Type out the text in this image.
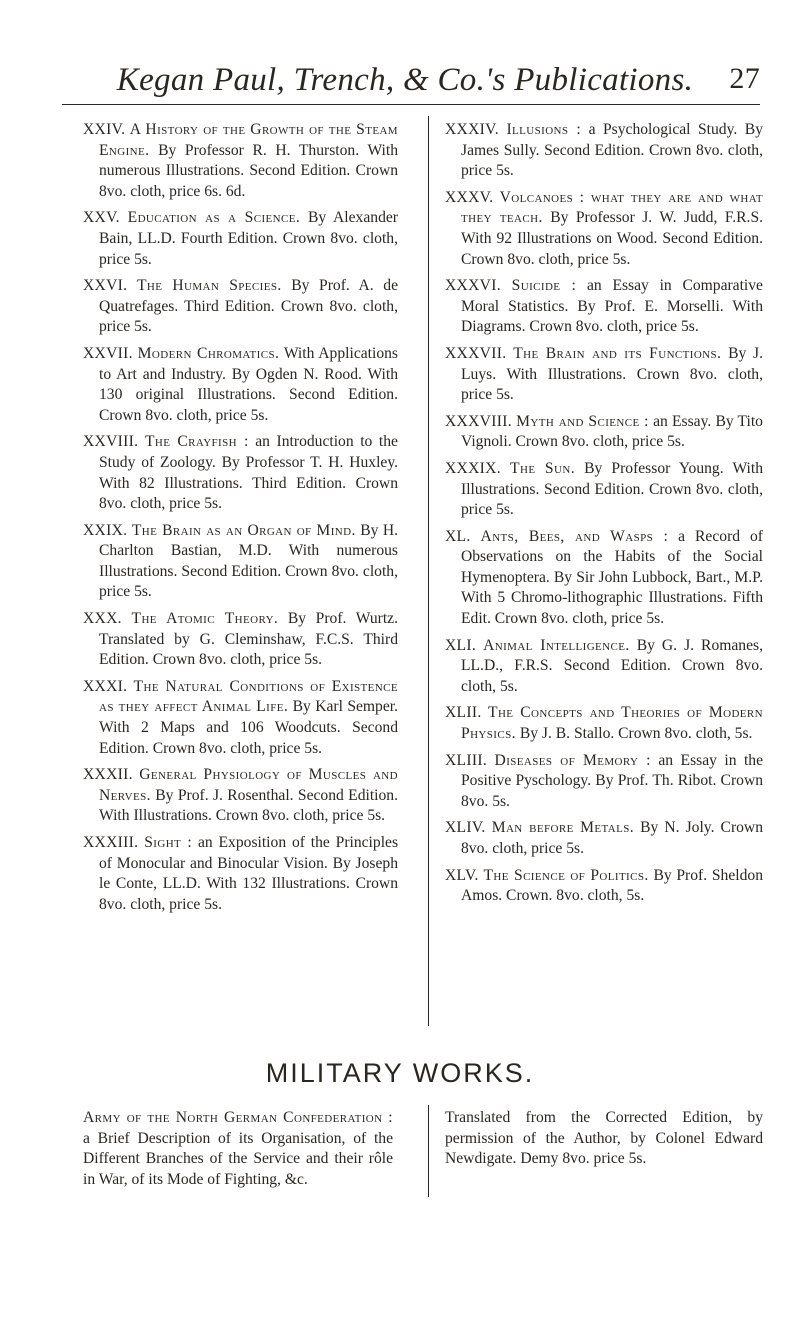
Kegan Paul, Trench, & Co.'s Publications. 27
XXIV. A History of the Growth of the Steam Engine. By Professor R. H. Thurston. With numerous Illustrations. Second Edition. Crown 8vo. cloth, price 6s. 6d.
XXV. Education as a Science. By Alexander Bain, LL.D. Fourth Edition. Crown 8vo. cloth, price 5s.
XXVI. The Human Species. By Prof. A. de Quatrefages. Third Edition. Crown 8vo. cloth, price 5s.
XXVII. Modern Chromatics. With Applications to Art and Industry. By Ogden N. Rood. With 130 original Illustrations. Second Edition. Crown 8vo. cloth, price 5s.
XXVIII. The Crayfish : an Introduction to the Study of Zoology. By Professor T. H. Huxley. With 82 Illustrations. Third Edition. Crown 8vo. cloth, price 5s.
XXIX. The Brain as an Organ of Mind. By H. Charlton Bastian, M.D. With numerous Illustrations. Second Edition. Crown 8vo. cloth, price 5s.
XXX. The Atomic Theory. By Prof. Wurtz. Translated by G. Cleminshaw, F.C.S. Third Edition. Crown 8vo. cloth, price 5s.
XXXI. The Natural Conditions of Existence as they affect Animal Life. By Karl Semper. With 2 Maps and 106 Woodcuts. Second Edition. Crown 8vo. cloth, price 5s.
XXXII. General Physiology of Muscles and Nerves. By Prof. J. Rosenthal. Second Edition. With Illustrations. Crown 8vo. cloth, price 5s.
XXXIII. Sight : an Exposition of the Principles of Monocular and Binocular Vision. By Joseph le Conte, LL.D. With 132 Illustrations. Crown 8vo. cloth, price 5s.
XXXIV. Illusions : a Psychological Study. By James Sully. Second Edition. Crown 8vo. cloth, price 5s.
XXXV. Volcanoes : what they are and what they teach. By Professor J. W. Judd, F.R.S. With 92 Illustrations on Wood. Second Edition. Crown 8vo. cloth, price 5s.
XXXVI. Suicide : an Essay in Comparative Moral Statistics. By Prof. E. Morselli. With Diagrams. Crown 8vo. cloth, price 5s.
XXXVII. The Brain and its Functions. By J. Luys. With Illustrations. Crown 8vo. cloth, price 5s.
XXXVIII. Myth and Science : an Essay. By Tito Vignoli. Crown 8vo. cloth, price 5s.
XXXIX. The Sun. By Professor Young. With Illustrations. Second Edition. Crown 8vo. cloth, price 5s.
XL. Ants, Bees, and Wasps : a Record of Observations on the Habits of the Social Hymenoptera. By Sir John Lubbock, Bart., M.P. With 5 Chromo-lithographic Illustrations. Fifth Edit. Crown 8vo. cloth, price 5s.
XLI. Animal Intelligence. By G. J. Romanes, LL.D., F.R.S. Second Edition. Crown 8vo. cloth, 5s.
XLII. The Concepts and Theories of Modern Physics. By J. B. Stallo. Crown 8vo. cloth, 5s.
XLIII. Diseases of Memory : an Essay in the Positive Pyschology. By Prof. Th. Ribot. Crown 8vo. 5s.
XLIV. Man before Metals. By N. Joly. Crown 8vo. cloth, price 5s.
XLV. The Science of Politics. By Prof. Sheldon Amos. Crown. 8vo. cloth, 5s.
MILITARY WORKS.
Army of the North German Confederation : a Brief Description of its Organisation, of the Different Branches of the Service and their rôle in War, of its Mode of Fighting, &c.
Translated from the Corrected Edition, by permission of the Author, by Colonel Edward Newdigate. Demy 8vo. price 5s.
